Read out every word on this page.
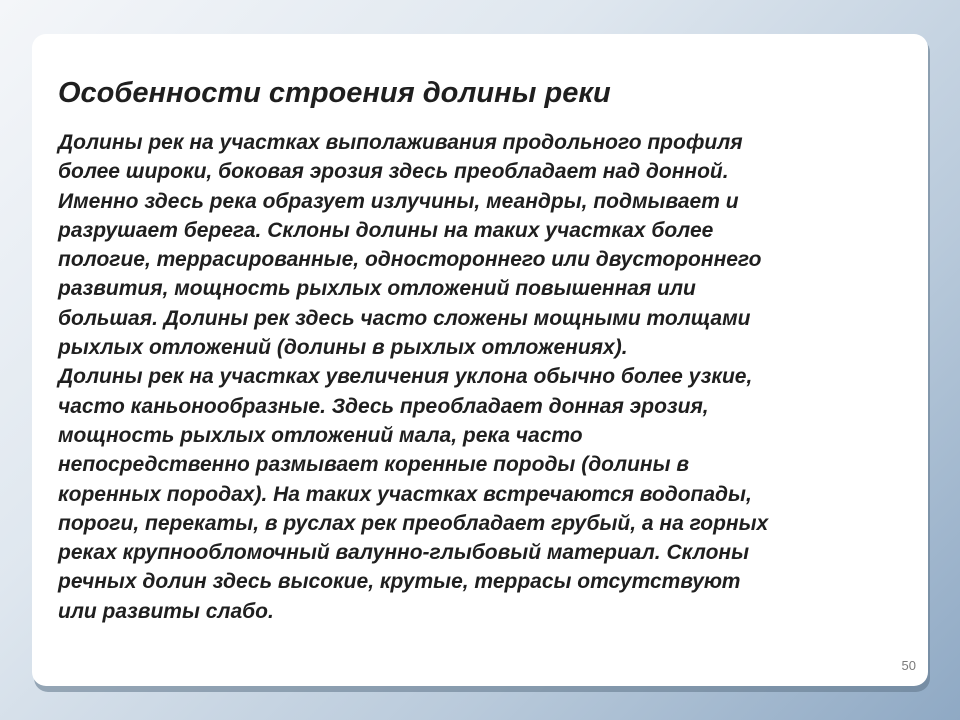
Особенности строения долины реки
Долины рек на участках выполаживания продольного профиля
более широки, боковая эрозия здесь преобладает над донной.
Именно здесь река образует излучины, меандры, подмывает и
разрушает берега. Склоны долины на таких участках более
пологие, террасированные, одностороннего или двустороннего
развития, мощность рыхлых отложений повышенная или
большая. Долины рек здесь часто сложены мощными толщами
рыхлых отложений (долины в рыхлых отложениях).
Долины рек на участках увеличения уклона обычно более узкие,
часто каньонообразные. Здесь преобладает донная эрозия,
мощность рыхлых отложений мала, река часто
непосредственно размывает коренные породы (долины в
коренных породах). На таких участках встречаются водопады,
пороги, перекаты, в руслах рек преобладает грубый, а на горных
реках крупнообломочный валунно-глыбовый материал. Склоны
речных долин здесь высокие, крутые, террасы отсутствуют
или развиты слабо.
50
